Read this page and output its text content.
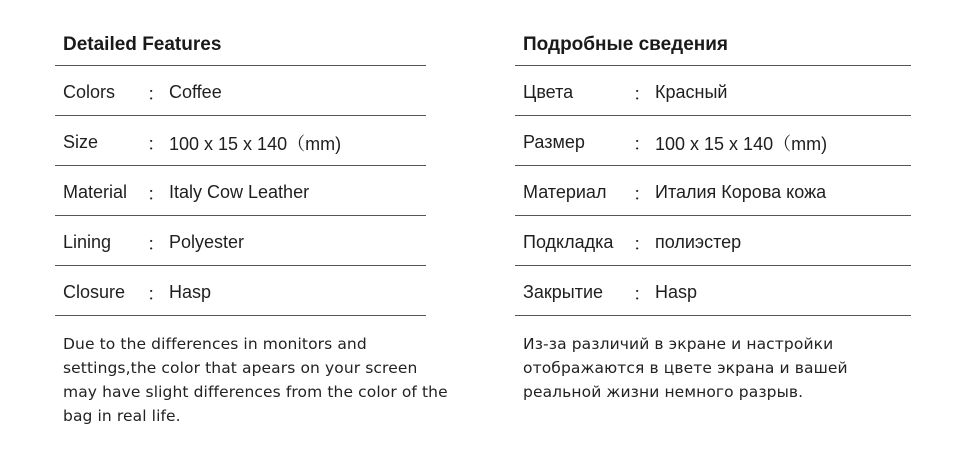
Detailed Features
Colors	： Coffee
Size	： 100 x 15 x 140（mm)
Material	： Italy Cow Leather
Lining	： Polyester
Closure	： Hasp
Due to the differences in monitors and settings,the color that apears on your screen may have slight differences from the color of the bag in real life.
Подробные сведения
Цвета	： Красный
Размер	： 100 x 15 x 140（mm)
Материал	： Италия Корова кожа
Подкладка	： полиэстер
Закрытие	： Hasp
Из-за различий в экране и настройки отображаются в цвете экрана и вашей реальной жизни немного разрыв.
